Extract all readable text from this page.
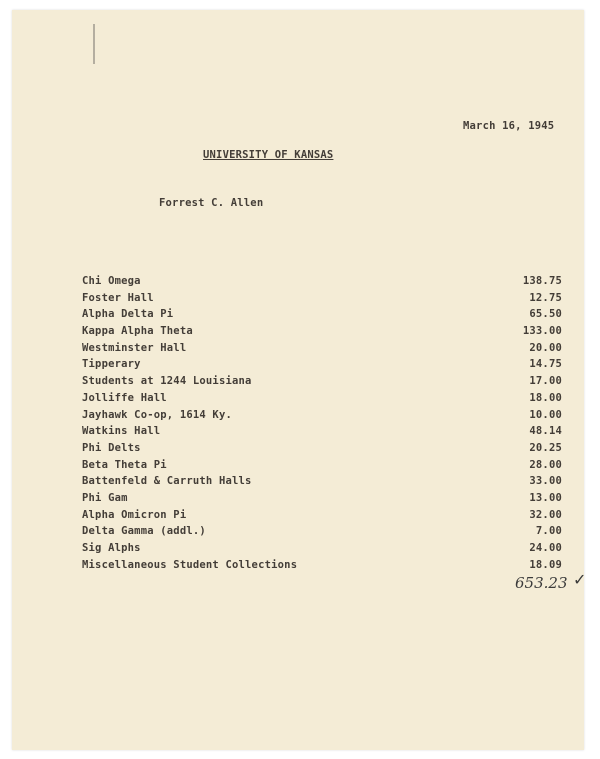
March 16, 1945
UNIVERSITY OF KANSAS
Forrest C. Allen
Chi Omega	138.75
Foster Hall	12.75
Alpha Delta Pi	65.50
Kappa Alpha Theta	133.00
Westminster Hall	20.00
Tipperary	14.75
Students at 1244 Louisiana	17.00
Jolliffe Hall	18.00
Jayhawk Co-op, 1614 Ky.	10.00
Watkins Hall	48.14
Phi Delts	20.25
Beta Theta Pi	28.00
Battenfeld & Carruth Halls	33.00
Phi Gam	13.00
Alpha Omicron Pi	32.00
Delta Gamma (addl.)	7.00
Sig Alphs	24.00
Miscellaneous Student Collections	18.09
653.23 ✓
